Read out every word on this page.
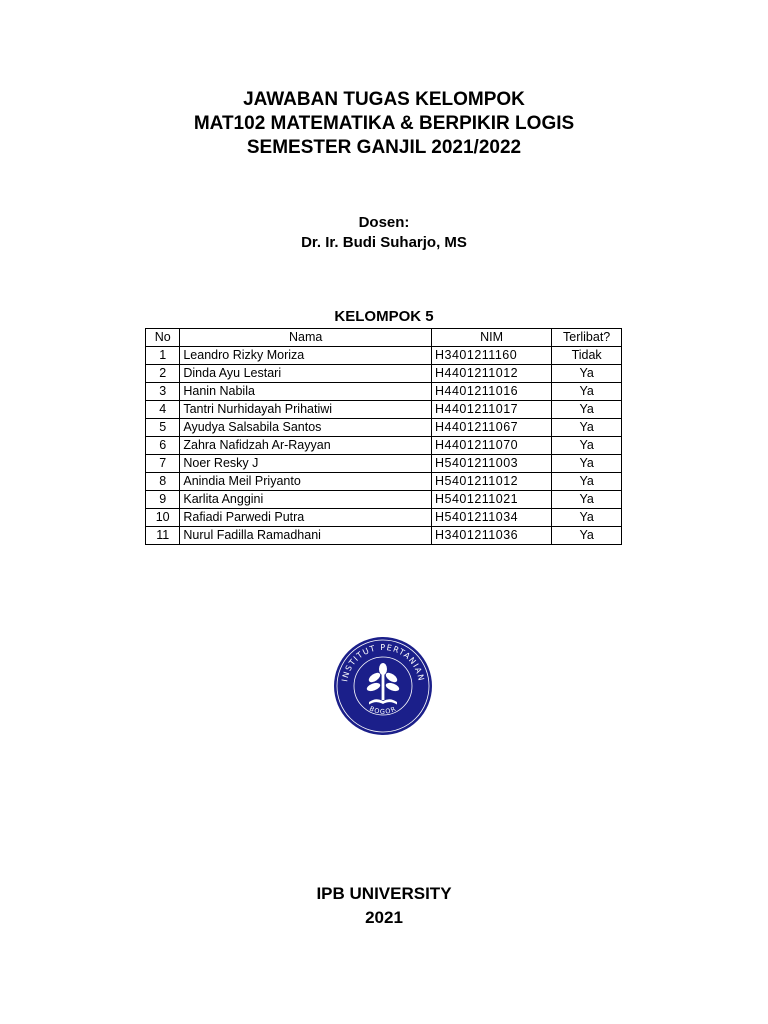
JAWABAN TUGAS KELOMPOK
MAT102 MATEMATIKA & BERPIKIR LOGIS
SEMESTER GANJIL 2021/2022
Dosen:
Dr. Ir. Budi Suharjo, MS
KELOMPOK 5
No	Nama	NIM	Terlibat?
1	Leandro Rizky Moriza	H3401211160	Tidak
2	Dinda Ayu Lestari	H4401211012	Ya
3	Hanin Nabila	H4401211016	Ya
4	Tantri Nurhidayah Prihatiwi	H4401211017	Ya
5	Ayudya Salsabila Santos	H4401211067	Ya
6	Zahra Nafidzah Ar-Rayyan	H4401211070	Ya
7	Noer Resky J	H5401211003	Ya
8	Anindia Meil Priyanto	H5401211012	Ya
9	Karlita Anggini	H5401211021	Ya
10	Rafiadi Parwedi Putra	H5401211034	Ya
11	Nurul Fadilla Ramadhani	H3401211036	Ya
INSTITUT PERTANIAN
BOGOR
IPB UNIVERSITY
2021
